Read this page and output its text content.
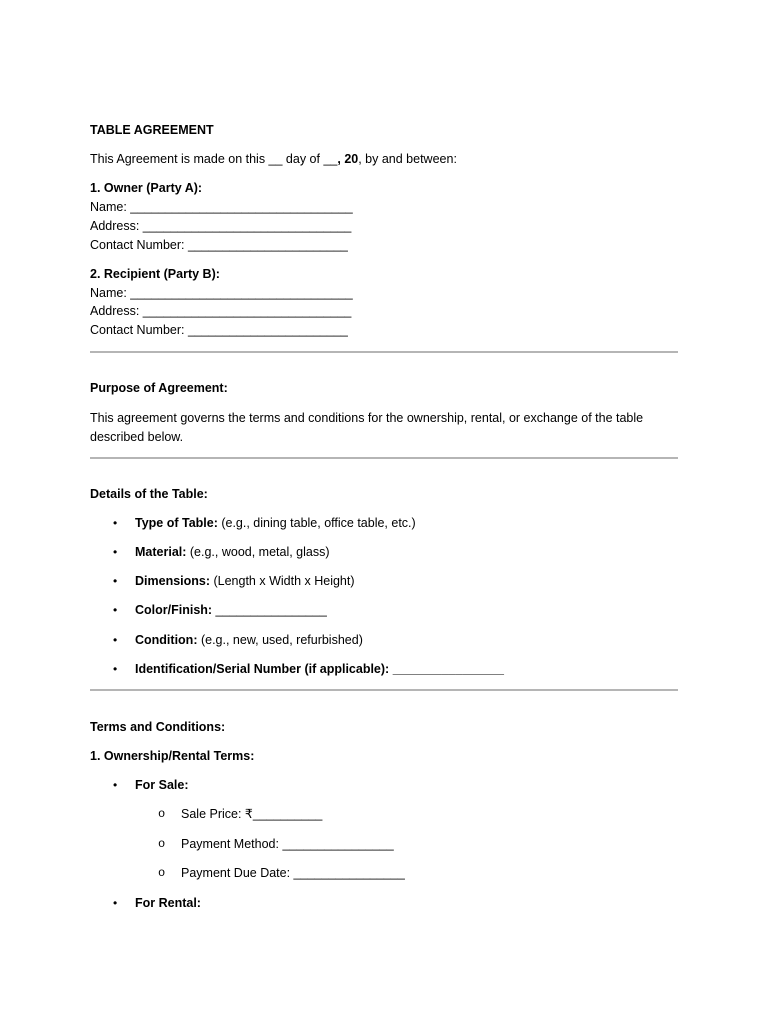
TABLE AGREEMENT
This Agreement is made on this __ day of __, 20, by and between:
1. Owner (Party A):
Name: ________________________________
Address: ______________________________
Contact Number: _______________________
2. Recipient (Party B):
Name: ________________________________
Address: ______________________________
Contact Number: _______________________
Purpose of Agreement:
This agreement governs the terms and conditions for the ownership, rental, or exchange of the table described below.
Details of the Table:
• Type of Table: (e.g., dining table, office table, etc.)
• Material: (e.g., wood, metal, glass)
• Dimensions: (Length x Width x Height)
• Color/Finish: ________________
• Condition: (e.g., new, used, refurbished)
• Identification/Serial Number (if applicable): ________________
Terms and Conditions:
1. Ownership/Rental Terms:
• For Sale:
o Sale Price: ₹__________
o Payment Method: ________________
o Payment Due Date: ________________
• For Rental:
